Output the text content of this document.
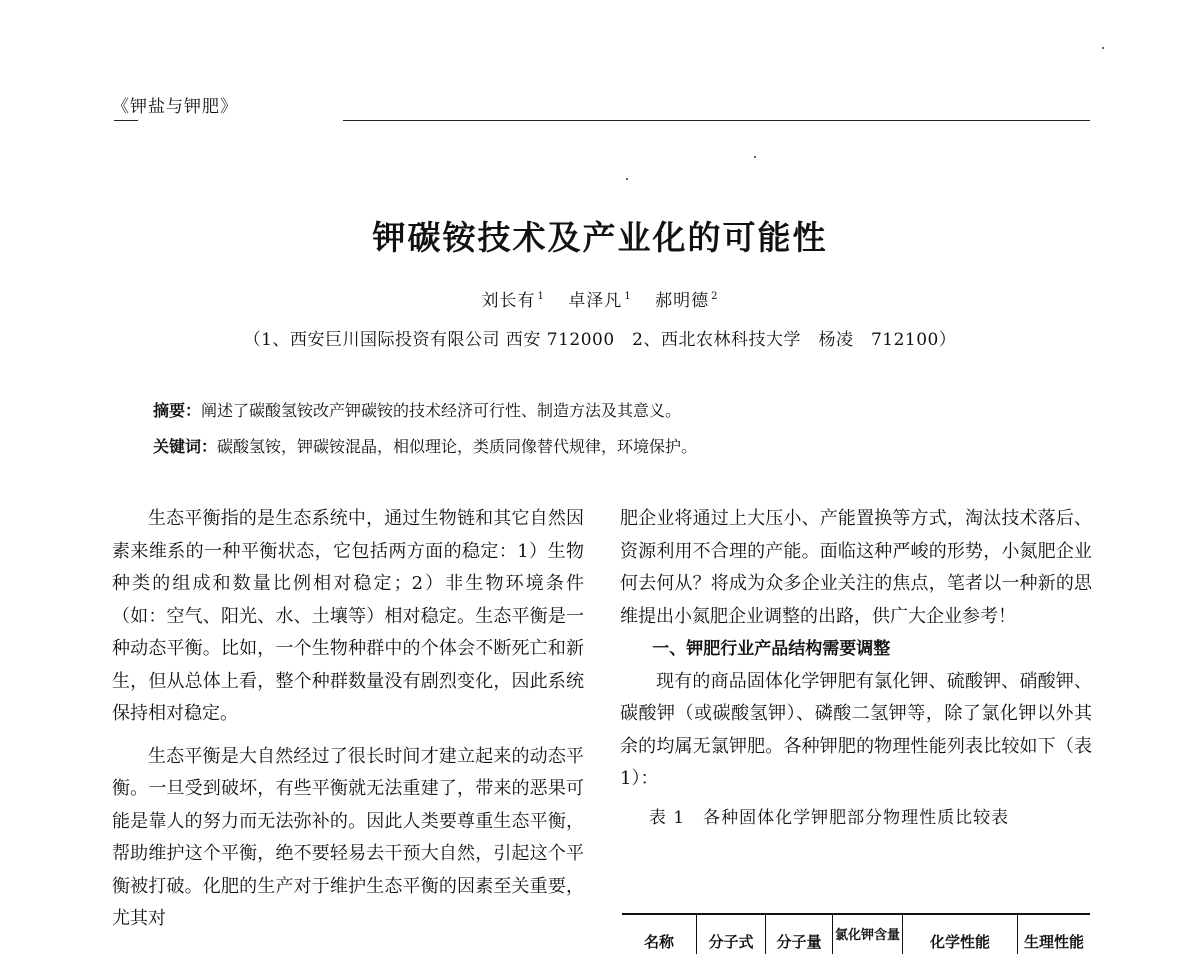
《钾盐与钾肥》
钾碳铵技术及产业化的可能性
刘长有 $^1$ 卓泽凡 $^1$ 郝明德 $^2$
（1、西安巨川国际投资有限公司 西安 712000　2、西北农林科技大学　杨凌　712100）
摘要：阐述了碳酸氢铵改产钾碳铵的技术经济可行性、制造方法及其意义。
关键词：碳酸氢铵，钾碳铵混晶，相似理论，类质同像替代规律，环境保护。

生态平衡指的是生态系统中，通过生物链和其它自然因素来维系的一种平衡状态，它包括两方面的稳定：1）生物种类的组成和数量比例相对稳定；2）非生物环境条件（如：空气、阳光、水、土壤等）相对稳定。生态平衡是一种动态平衡。比如，一个生物种群中的个体会不断死亡和新生，但从总体上看，整个种群数量没有剧烈变化，因此系统保持相对稳定。

生态平衡是大自然经过了很长时间才建立起来的动态平衡。一旦受到破坏，有些平衡就无法重建了，带来的恶果可能是靠人的努力而无法弥补的。因此人类要尊重生态平衡，帮助维护这个平衡，绝不要轻易去干预大自然，引起这个平衡被打破。化肥的生产对于维护生态平衡的因素至关重要，尤其对

肥企业将通过上大压小、产能置换等方式，淘汰技术落后、资源利用不合理的产能。面临这种严峻的形势，小氮肥企业何去何从？将成为众多企业关注的焦点，笔者以一种新的思维提出小氮肥企业调整的出路，供广大企业参考！

一、钾肥行业产品结构需要调整

现有的商品固体化学钾肥有氯化钾、硫酸钾、硝酸钾、碳酸钾（或碳酸氢钾）、磷酸二氢钾等，除了氯化钾以外其余的均属无氯钾肥。各种钾肥的物理性能列表比较如下（表1）：

表 1　各种固体化学钾肥部分物理性质比较表

名称	分子式	分子量	氯化钾含量	化学性能	生理性能
